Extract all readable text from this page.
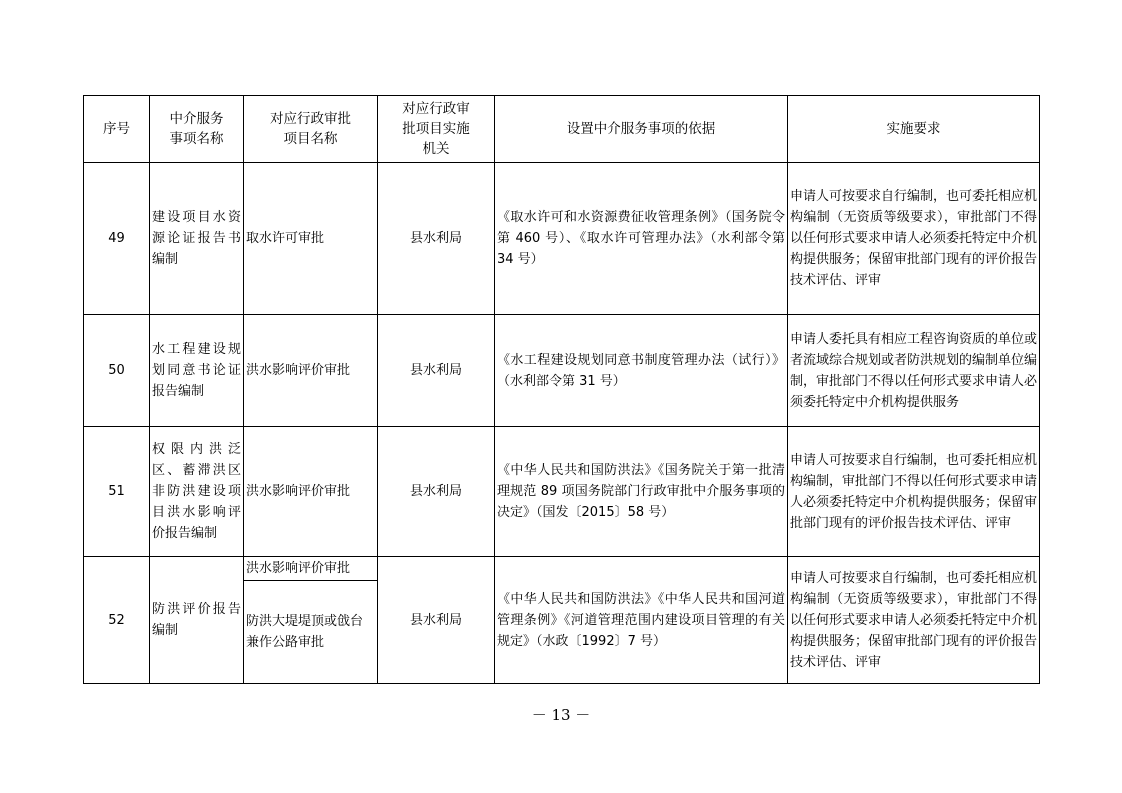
序号	中介服务事项名称	对应行政审批项目名称	对应行政审批项目实施机关	设置中介服务事项的依据	实施要求
49	建设项目水资源论证报告书编制	取水许可审批	县水利局	《取水许可和水资源费征收管理条例》（国务院令第 460 号）、《取水许可管理办法》（水利部令第 34 号）	申请人可按要求自行编制，也可委托相应机构编制（无资质等级要求），审批部门不得以任何形式要求申请人必须委托特定中介机构提供服务；保留审批部门现有的评价报告技术评估、评审
50	水工程建设规划同意书论证报告编制	洪水影响评价审批	县水利局	《水工程建设规划同意书制度管理办法（试行）》（水利部令第 31 号）	申请人委托具有相应工程咨询资质的单位或者流域综合规划或者防洪规划的编制单位编制，审批部门不得以任何形式要求申请人必须委托特定中介机构提供服务
51	权限内洪泛区、蓄滞洪区非防洪建设项目洪水影响评价报告编制	洪水影响评价审批	县水利局	《中华人民共和国防洪法》《国务院关于第一批清理规范 89 项国务院部门行政审批中介服务事项的决定》（国发〔2015〕58 号）	申请人可按要求自行编制，也可委托相应机构编制，审批部门不得以任何形式要求申请人必须委托特定中介机构提供服务；保留审批部门现有的评价报告技术评估、评审
52	防洪评价报告编制	洪水影响评价审批	县水利局	《中华人民共和国防洪法》《中华人民共和国河道管理条例》《河道管理范围内建设项目管理的有关规定》（水政〔1992〕7 号）	申请人可按要求自行编制，也可委托相应机构编制（无资质等级要求），审批部门不得以任何形式要求申请人必须委托特定中介机构提供服务；保留审批部门现有的评价报告技术评估、评审
		防洪大堤堤顶或戗台兼作公路审批			
－ 13 －
